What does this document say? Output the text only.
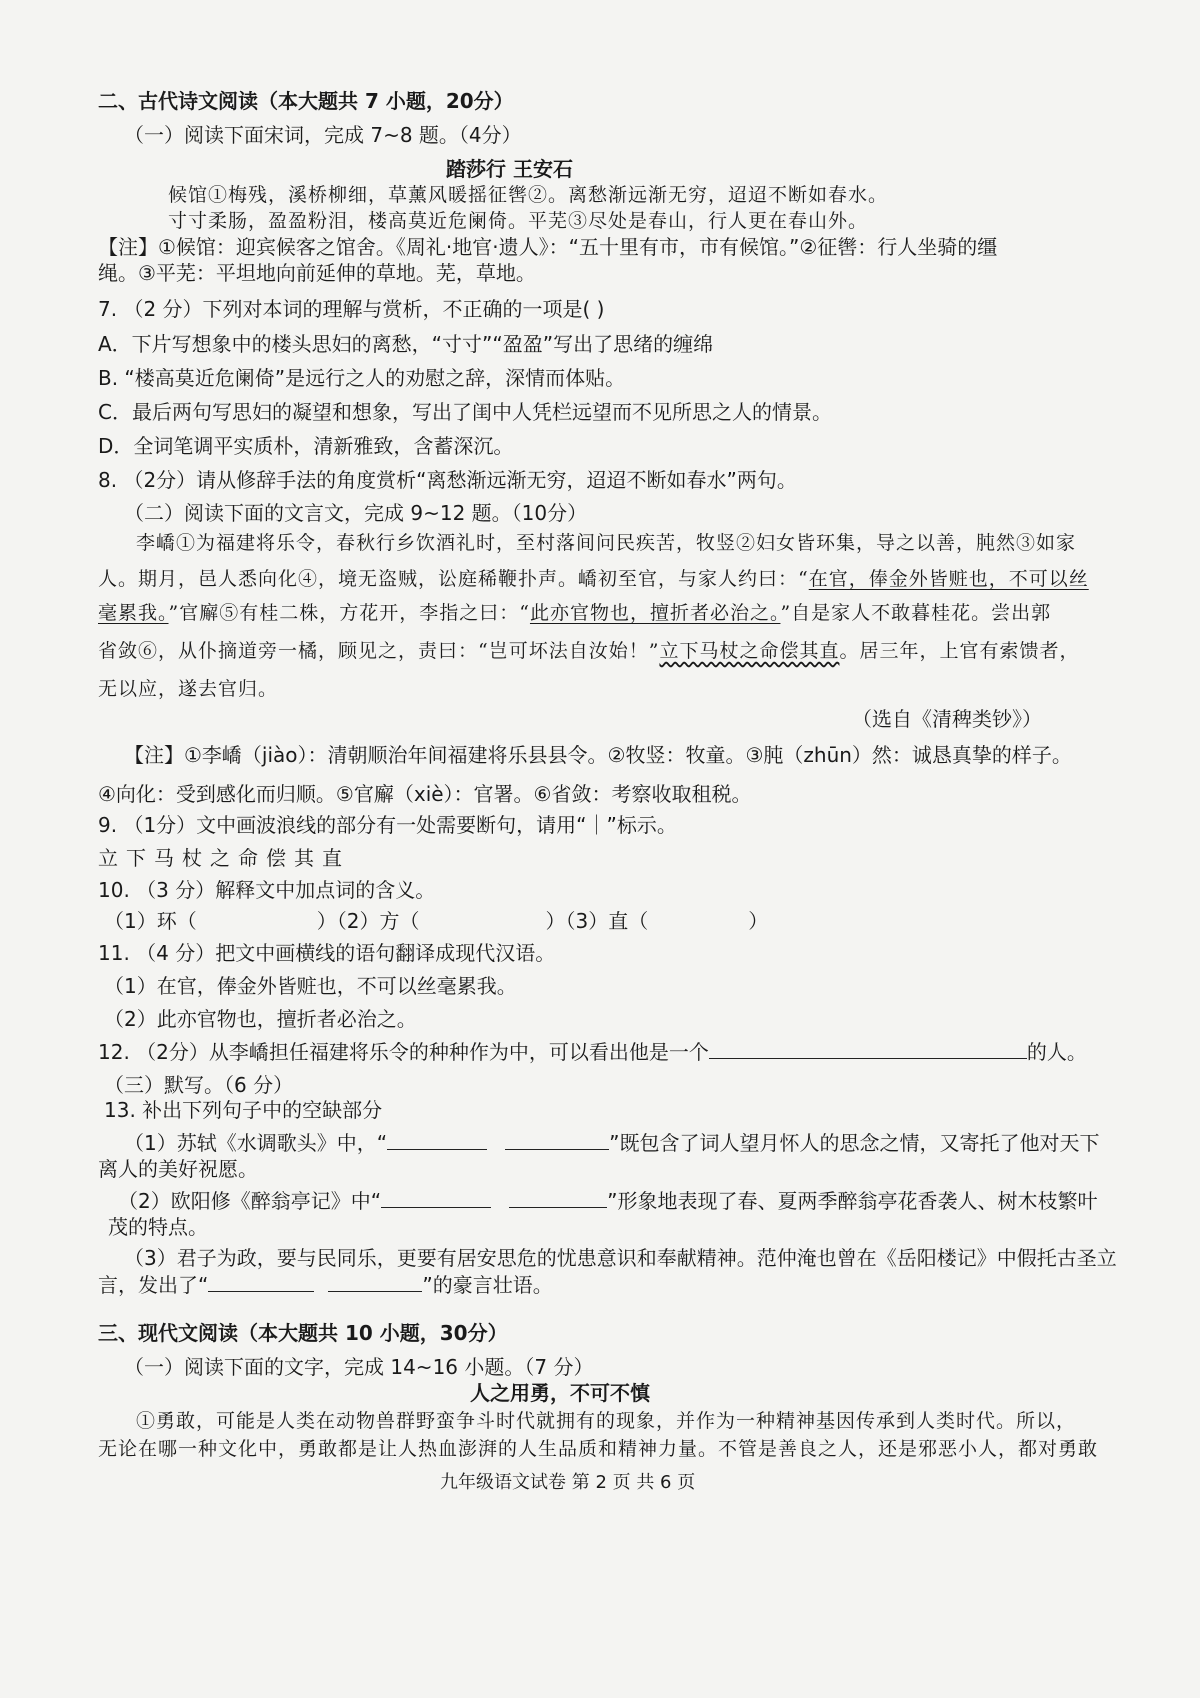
二、古代诗文阅读（本大题共 7 小题，20分）
（一）阅读下面宋词，完成 7~8 题。（4分）
踏莎行 王安石
候馆①梅残，溪桥柳细，草薰风暖摇征辔②。离愁渐远渐无穷，迢迢不断如春水。
寸寸柔肠，盈盈粉泪，楼高莫近危阑倚。平芜③尽处是春山，行人更在春山外。
【注】①候馆：迎宾候客之馆舍。《周礼·地官·遗人》：“五十里有市，市有候馆。”②征辔：行人坐骑的缰
绳。③平芜：平坦地向前延伸的草地。芜，草地。
7. （2 分）下列对本词的理解与赏析，不正确的一项是( )
A．下片写想象中的楼头思妇的离愁，“寸寸”“盈盈”写出了思绪的缠绵
B. “楼高莫近危阑倚”是远行之人的劝慰之辞，深情而体贴。
C．最后两句写思妇的凝望和想象，写出了闺中人凭栏远望而不见所思之人的情景。
D．全词笔调平实质朴，清新雅致，含蓄深沉。
8. （2分）请从修辞手法的角度赏析“离愁渐远渐无穷，迢迢不断如春水”两句。
（二）阅读下面的文言文，完成 9~12 题。（10分）
李嶠①为福建将乐令，春秋行乡饮酒礼时，至村落间问民疾苦，牧竖②妇女皆环集，导之以善，肫然③如家
人。期月，邑人悉向化④，境无盗贼，讼庭稀鞭扑声。嶠初至官，与家人约曰：“在官，俸金外皆赃也，不可以丝
毫累我。”官廨⑤有桂二株，方花开，李指之曰：“此亦官物也，擅折者必治之。”自是家人不敢暮桂花。尝出郭
省敛⑥，从仆摘道旁一橘，顾见之，责曰：“岂可坏法自汝始！”立下马杖之命偿其直。居三年，上官有索馈者，
无以应，遂去官归。
（选自《清稗类钞》）
【注】①李嶠（jiào）：清朝顺治年间福建将乐县县令。②牧竖：牧童。③肫（zhūn）然：诚恳真挚的样子。
④向化：受到感化而归顺。⑤官廨（xiè）：官署。⑥省敛：考察收取租税。
9. （1分）文中画波浪线的部分有一处需要断句，请用“｜”标示。
立下马杖之命偿其直
10. （3 分）解释文中加点词的含义。
（1）环（	）（2）方（	）（3）直（	）
11. （4 分）把文中画横线的语句翻译成现代汉语。
（1）在官，俸金外皆赃也，不可以丝毫累我。
（2）此亦官物也，擅折者必治之。
12. （2分）从李嶠担任福建将乐令的种种作为中，可以看出他是一个	的人。
（三）默写。（6 分）
13. 补出下列句子中的空缺部分
（1）苏轼《水调歌头》中，“	”既包含了词人望月怀人的思念之情，又寄托了他对天下
离人的美好祝愿。
（2）欧阳修《醉翁亭记》中“	”形象地表现了春、夏两季醉翁亭花香袭人、树木枝繁叶
茂的特点。
（3）君子为政，要与民同乐，更要有居安思危的忧患意识和奉献精神。范仲淹也曾在《岳阳楼记》中假托古圣立
言，发出了“	”的豪言壮语。
三、现代文阅读（本大题共 10 小题，30分）
（一）阅读下面的文字，完成 14~16 小题。（7 分）
人之用勇，不可不慎
①勇敢，可能是人类在动物兽群野蛮争斗时代就拥有的现象，并作为一种精神基因传承到人类时代。所以，
无论在哪一种文化中，勇敢都是让人热血澎湃的人生品质和精神力量。不管是善良之人，还是邪恶小人，都对勇敢
九年级语文试卷 第 2 页 共 6 页
